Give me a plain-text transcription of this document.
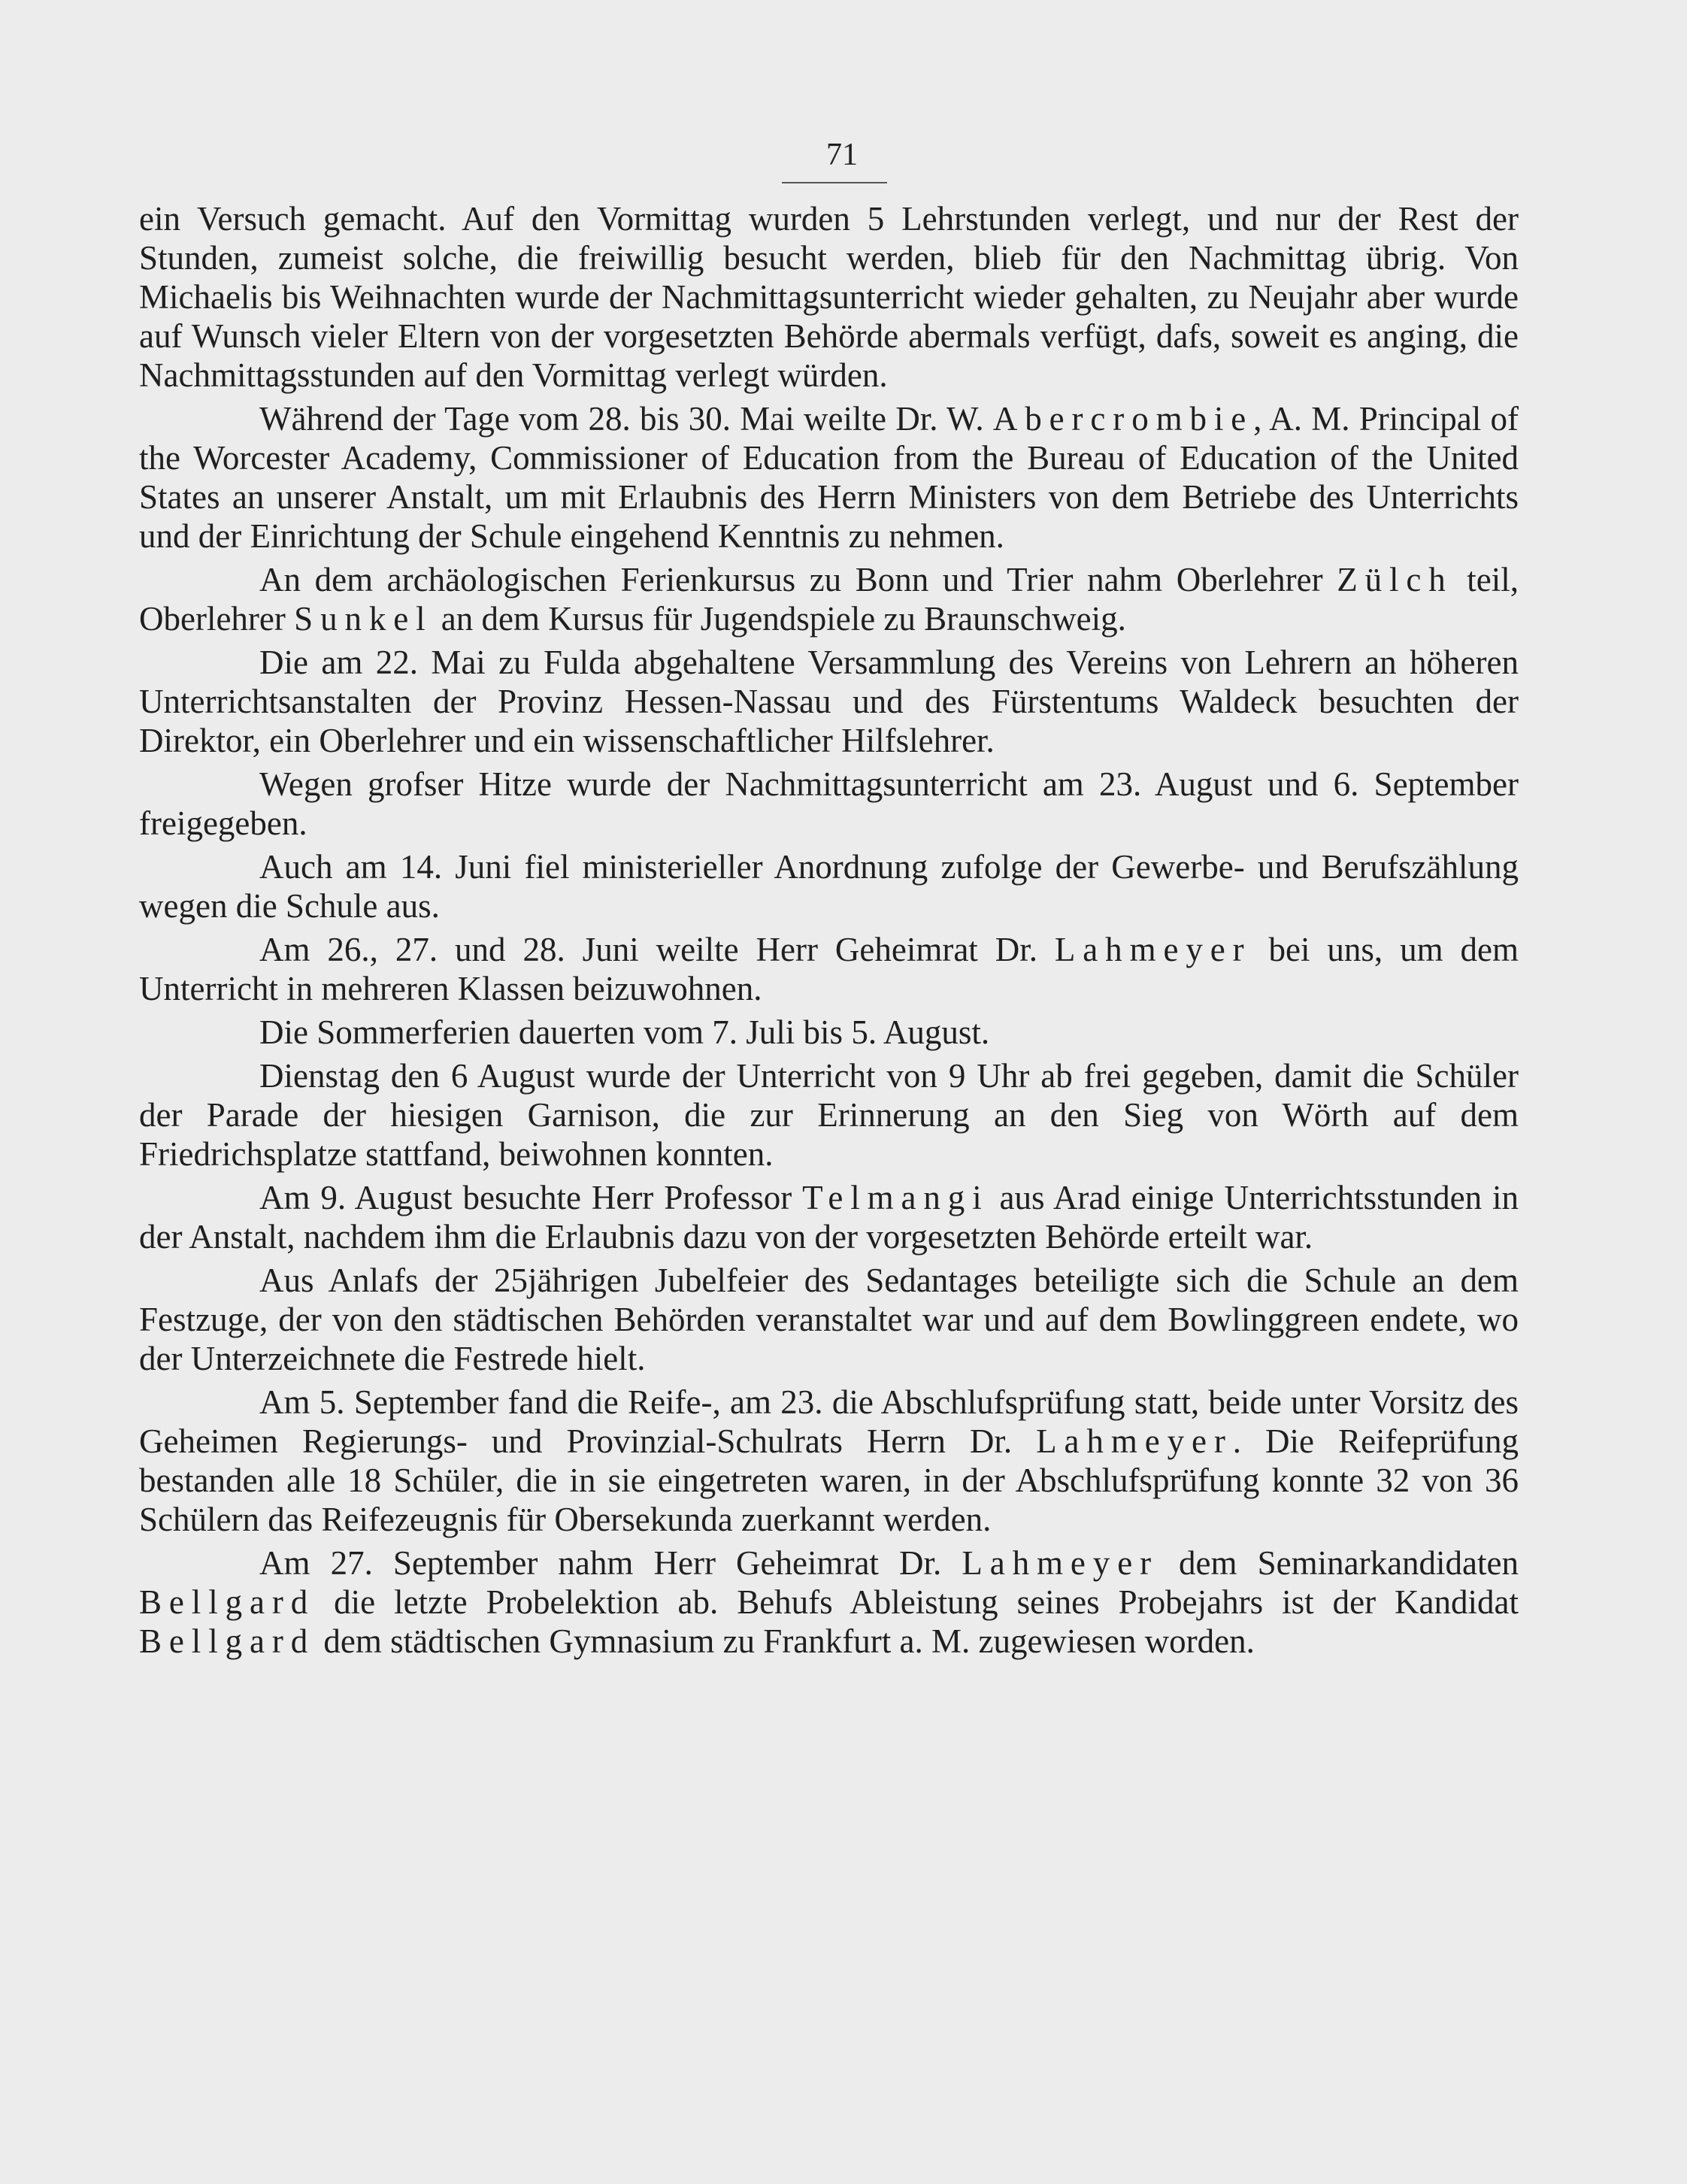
71

ein Versuch gemacht. Auf den Vormittag wurden 5 Lehrstunden verlegt, und nur der Rest der Stunden, zumeist solche, die freiwillig besucht werden, blieb für den Nachmittag übrig. Von Michaelis bis Weihnachten wurde der Nachmittagsunterricht wieder gehalten, zu Neujahr aber wurde auf Wunsch vieler Eltern von der vorgesetzten Behörde abermals verfügt, dafs, soweit es anging, die Nachmittagsstunden auf den Vormittag verlegt würden.

Während der Tage vom 28. bis 30. Mai weilte Dr. W. Abercrombie, A. M. Principal of the Worcester Academy, Commissioner of Education from the Bureau of Education of the United States an unserer Anstalt, um mit Erlaubnis des Herrn Ministers von dem Betriebe des Unterrichts und der Einrichtung der Schule eingehend Kenntnis zu nehmen.

An dem archäologischen Ferienkursus zu Bonn und Trier nahm Oberlehrer Zülch teil, Oberlehrer Sunkel an dem Kursus für Jugendspiele zu Braunschweig.

Die am 22. Mai zu Fulda abgehaltene Versammlung des Vereins von Lehrern an höheren Unterrichtsanstalten der Provinz Hessen-Nassau und des Fürstentums Waldeck besuchten der Direktor, ein Oberlehrer und ein wissenschaftlicher Hilfslehrer.

Wegen grofser Hitze wurde der Nachmittagsunterricht am 23. August und 6. September freigegeben.

Auch am 14. Juni fiel ministerieller Anordnung zufolge der Gewerbe- und Berufszählung wegen die Schule aus.

Am 26., 27. und 28. Juni weilte Herr Geheimrat Dr. Lahmeyer bei uns, um dem Unterricht in mehreren Klassen beizuwohnen.

Die Sommerferien dauerten vom 7. Juli bis 5. August.

Dienstag den 6 August wurde der Unterricht von 9 Uhr ab frei gegeben, damit die Schüler der Parade der hiesigen Garnison, die zur Erinnerung an den Sieg von Wörth auf dem Friedrichsplatze stattfand, beiwohnen konnten.

Am 9. August besuchte Herr Professor Telmangi aus Arad einige Unterrichtsstunden in der Anstalt, nachdem ihm die Erlaubnis dazu von der vorgesetzten Behörde erteilt war.

Aus Anlafs der 25jährigen Jubelfeier des Sedantages beteiligte sich die Schule an dem Festzuge, der von den städtischen Behörden veranstaltet war und auf dem Bowlinggreen endete, wo der Unterzeichnete die Festrede hielt.

Am 5. September fand die Reife-, am 23. die Abschlufsprüfung statt, beide unter Vorsitz des Geheimen Regierungs- und Provinzial-Schulrats Herrn Dr. Lahmeyer. Die Reifeprüfung bestanden alle 18 Schüler, die in sie eingetreten waren, in der Abschlufsprüfung konnte 32 von 36 Schülern das Reifezeugnis für Obersekunda zuerkannt werden.

Am 27. September nahm Herr Geheimrat Dr. Lahmeyer dem Seminarkandidaten Bellgard die letzte Probelektion ab. Behufs Ableistung seines Probejahrs ist der Kandidat Bellgard dem städtischen Gymnasium zu Frankfurt a. M. zugewiesen worden.
